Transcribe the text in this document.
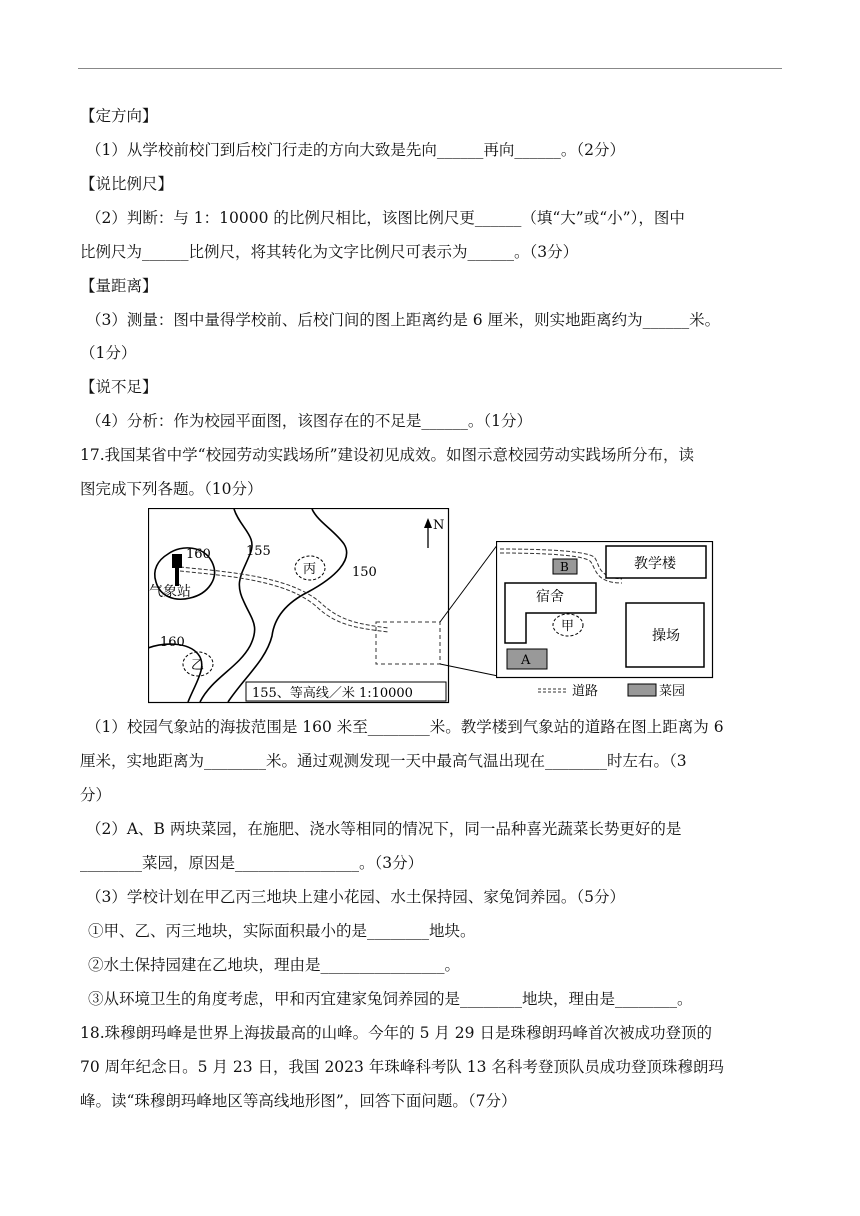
【定方向】
（1）从学校前校门到后校门行走的方向大致是先向______再向______。（2分）
【说比例尺】
（2）判断：与 1：10000 的比例尺相比，该图比例尺更______（填“大”或“小”），图中
比例尺为______比例尺，将其转化为文字比例尺可表示为______。（3分）
【量距离】
（3）测量：图中量得学校前、后校门间的图上距离约是 6 厘米，则实地距离约为______米。
（1分）
【说不足】
（4）分析：作为校园平面图，该图存在的不足是______。（1分）
17.我国某省中学“校园劳动实践场所”建设初见成效。如图示意校园劳动实践场所分布，读
图完成下列各题。（10分）
N
160	155
150
160
气象站
丙
乙
155、等高线／米 1:10000
教学楼
B
宿舍
操场
甲
A
道路	菜园
（1）校园气象站的海拔范围是 160 米至________米。教学楼到气象站的道路在图上距离为 6
厘米，实地距离为________米。通过观测发现一天中最高气温出现在________时左右。（3
分）
（2）A、B 两块菜园，在施肥、浇水等相同的情况下，同一品种喜光蔬菜长势更好的是
________菜园，原因是________________。（3分）
（3）学校计划在甲乙丙三地块上建小花园、水土保持园、家兔饲养园。（5分）
①甲、乙、丙三地块，实际面积最小的是________地块。
②水土保持园建在乙地块，理由是________________。
③从环境卫生的角度考虑，甲和丙宜建家兔饲养园的是________地块，理由是________。
18.珠穆朗玛峰是世界上海拔最高的山峰。今年的 5 月 29 日是珠穆朗玛峰首次被成功登顶的
70 周年纪念日。5 月 23 日，我国 2023 年珠峰科考队 13 名科考登顶队员成功登顶珠穆朗玛
峰。读“珠穆朗玛峰地区等高线地形图”，回答下面问题。（7分）
